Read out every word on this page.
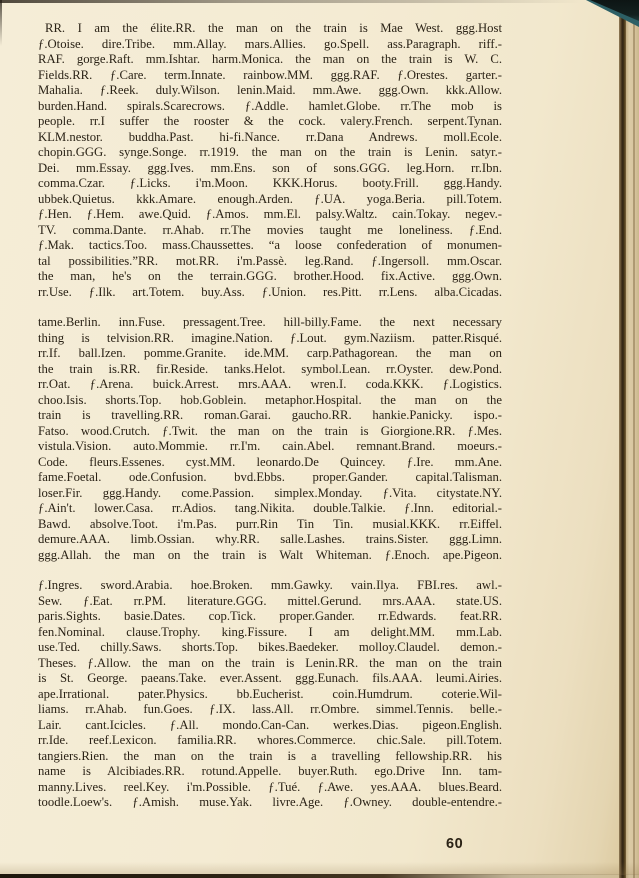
RR. I am the élite.RR. the man on the train is Mae West. ggg.Host
ƒ.Otoise. dire.Tribe. mm.Allay. mars.Allies. go.Spell. ass.Paragraph. riff.-
RAF. gorge.Raft. mm.Ishtar. harm.Monica. the man on the train is W. C.
Fields.RR. ƒ.Care. term.Innate. rainbow.MM. ggg.RAF. ƒ.Orestes. garter.-
Mahalia. ƒ.Reek. duly.Wilson. lenin.Maid. mm.Awe. ggg.Own. kkk.Allow.
burden.Hand. spirals.Scarecrows. ƒ.Addle. hamlet.Globe. rr.The mob is
people. rr.I suffer the rooster & the cock. valery.French. serpent.Tynan.
KLM.nestor. buddha.Past. hi-fi.Nance. rr.Dana Andrews. moll.Ecole.
chopin.GGG. synge.Songe. rr.1919. the man on the train is Lenin. satyr.-
Dei. mm.Essay. ggg.Ives. mm.Ens. son of sons.GGG. leg.Horn. rr.Ibn.
comma.Czar. ƒ.Licks. i'm.Moon. KKK.Horus. booty.Frill. ggg.Handy.
ubbek.Quietus. kkk.Amare. enough.Arden. ƒ.UA. yoga.Beria. pill.Totem.
ƒ.Hen. ƒ.Hem. awe.Quid. ƒ.Amos. mm.El. palsy.Waltz. cain.Tokay. negev.-
TV. comma.Dante. rr.Ahab. rr.The movies taught me loneliness. ƒ.End.
ƒ.Mak. tactics.Too. mass.Chaussettes. “a loose confederation of monumen-
tal possibilities.”RR. mot.RR. i'm.Passè. leg.Rand. ƒ.Ingersoll. mm.Oscar.
the man, he's on the terrain.GGG. brother.Hood. fix.Active. ggg.Own.
rr.Use. ƒ.Ilk. art.Totem. buy.Ass. ƒ.Union. res.Pitt. rr.Lens. alba.Cicadas.
tame.Berlin. inn.Fuse. pressagent.Tree. hill-billy.Fame. the next necessary
thing is telvision.RR. imagine.Nation. ƒ.Lout. gym.Naziism. patter.Risqué.
rr.If. ball.Izen. pomme.Granite. ide.MM. carp.Pathagorean. the man on
the train is.RR. fir.Reside. tanks.Helot. symbol.Lean. rr.Oyster. dew.Pond.
rr.Oat. ƒ.Arena. buick.Arrest. mrs.AAA. wren.I. coda.KKK. ƒ.Logistics.
choo.Isis. shorts.Top. hob.Goblein. metaphor.Hospital. the man on the
train is travelling.RR. roman.Garai. gaucho.RR. hankie.Panicky. ispo.-
Fatso. wood.Crutch. ƒ.Twit. the man on the train is Giorgione.RR. ƒ.Mes.
vistula.Vision. auto.Mommie. rr.I'm. cain.Abel. remnant.Brand. moeurs.-
Code. fleurs.Essenes. cyst.MM. leonardo.De Quincey. ƒ.Ire. mm.Ane.
fame.Foetal. ode.Confusion. bvd.Ebbs. proper.Gander. capital.Talisman.
loser.Fir. ggg.Handy. come.Passion. simplex.Monday. ƒ.Vita. citystate.NY.
ƒ.Ain't. lower.Casa. rr.Adios. tang.Nikita. double.Talkie. ƒ.Inn. editorial.-
Bawd. absolve.Toot. i'm.Pas. purr.Rin Tin Tin. musial.KKK. rr.Eiffel.
demure.AAA. limb.Ossian. why.RR. salle.Lashes. trains.Sister. ggg.Limn.
ggg.Allah. the man on the train is Walt Whiteman. ƒ.Enoch. ape.Pigeon.
ƒ.Ingres. sword.Arabia. hoe.Broken. mm.Gawky. vain.Ilya. FBI.res. awl.-
Sew. ƒ.Eat. rr.PM. literature.GGG. mittel.Gerund. mrs.AAA. state.US.
paris.Sights. basie.Dates. cop.Tick. proper.Gander. rr.Edwards. feat.RR.
fen.Nominal. clause.Trophy. king.Fissure. I am delight.MM. mm.Lab.
use.Ted. chilly.Saws. shorts.Top. bikes.Baedeker. molloy.Claudel. demon.-
Theses. ƒ.Allow. the man on the train is Lenin.RR. the man on the train
is St. George. paeans.Take. ever.Assent. ggg.Eunach. fils.AAA. leumi.Airies.
ape.Irrational. pater.Physics. bb.Eucherist. coin.Humdrum. coterie.Wil-
liams. rr.Ahab. fun.Goes. ƒ.IX. lass.All. rr.Ombre. simmel.Tennis. belle.-
Lair. cant.Icicles. ƒ.All. mondo.Can-Can. werkes.Dias. pigeon.English.
rr.Ide. reef.Lexicon. familia.RR. whores.Commerce. chic.Sale. pill.Totem.
tangiers.Rien. the man on the train is a travelling fellowship.RR. his
name is Alcibiades.RR. rotund.Appelle. buyer.Ruth. ego.Drive Inn. tam-
manny.Lives. reel.Key. i'm.Possible. ƒ.Tué. ƒ.Awe. yes.AAA. blues.Beard.
toodle.Loew's. ƒ.Amish. muse.Yak. livre.Age. ƒ.Owney. double-entendre.-
60
